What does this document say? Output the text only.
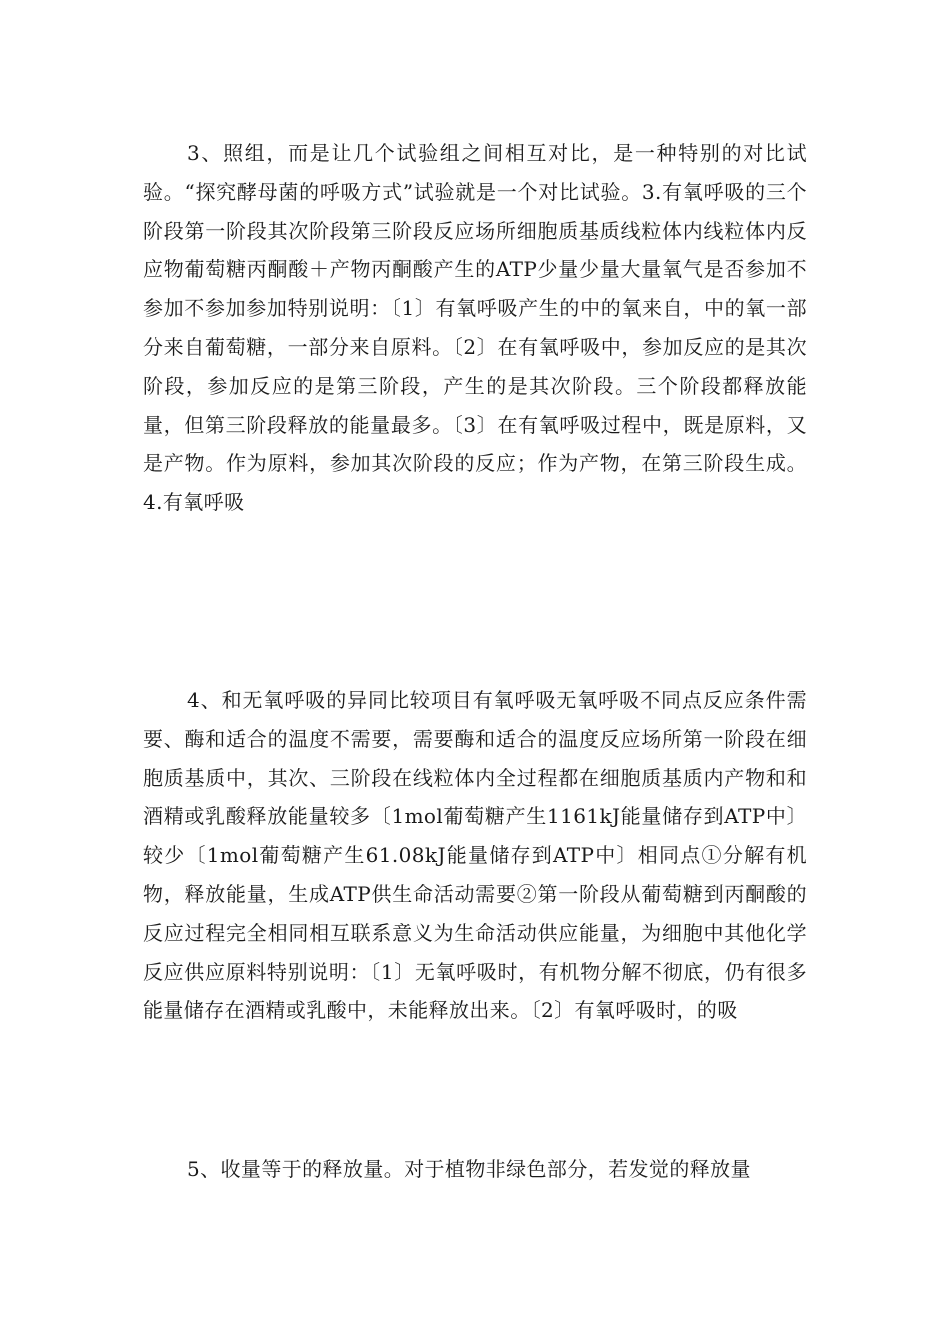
3、照组，而是让几个试验组之间相互对比，是一种特别的对比试验。“探究酵母菌的呼吸方式”试验就是一个对比试验。3.有氧呼吸的三个阶段第一阶段其次阶段第三阶段反应场所细胞质基质线粒体内线粒体内反应物葡萄糖丙酮酸＋产物丙酮酸产生的ATP少量少量大量氧气是否参加不参加不参加参加特别说明：〔1〕有氧呼吸产生的中的氧来自，中的氧一部分来自葡萄糖，一部分来自原料。〔2〕在有氧呼吸中，参加反应的是其次阶段，参加反应的是第三阶段，产生的是其次阶段。三个阶段都释放能量，但第三阶段释放的能量最多。〔3〕在有氧呼吸过程中，既是原料，又是产物。作为原料，参加其次阶段的反应；作为产物，在第三阶段生成。4.有氧呼吸

4、和无氧呼吸的异同比较项目有氧呼吸无氧呼吸不同点反应条件需要、酶和适合的温度不需要，需要酶和适合的温度反应场所第一阶段在细胞质基质中，其次、三阶段在线粒体内全过程都在细胞质基质内产物和和酒精或乳酸释放能量较多〔1mol葡萄糖产生1161kJ能量储存到ATP中〕较少〔1mol葡萄糖产生61.08kJ能量储存到ATP中〕相同点①分解有机物，释放能量，生成ATP供生命活动需要②第一阶段从葡萄糖到丙酮酸的反应过程完全相同相互联系意义为生命活动供应能量，为细胞中其他化学反应供应原料特别说明：〔1〕无氧呼吸时，有机物分解不彻底，仍有很多能量储存在酒精或乳酸中，未能释放出来。〔2〕有氧呼吸时，的吸

5、收量等于的释放量。对于植物非绿色部分，若发觉的释放量
